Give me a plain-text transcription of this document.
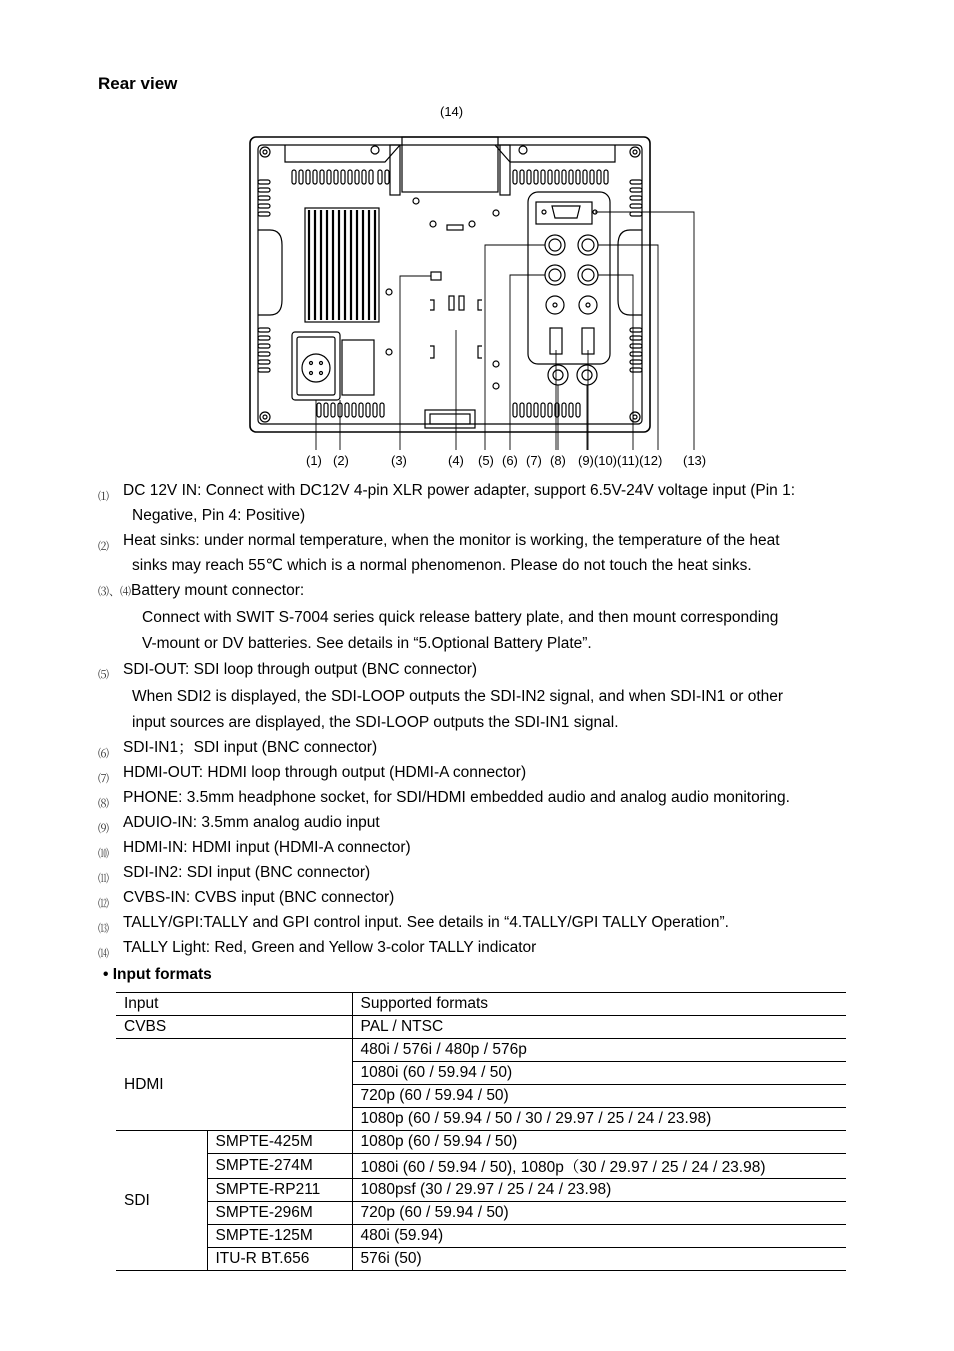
Rear view
(14)
(1) (2)	(3)	(4) (5) (6) (7) (8) (9)(10)(11)(12) (13)
⑴ DC 12V IN: Connect with DC12V 4-pin XLR power adapter, support 6.5V-24V voltage input (Pin 1:
Negative, Pin 4: Positive)
⑵ Heat sinks: under normal temperature, when the monitor is working, the temperature of the heat
sinks may reach 55℃ which is a normal phenomenon. Please do not touch the heat sinks.
⑶、⑷Battery mount connector:
Connect with SWIT S-7004 series quick release battery plate, and then mount corresponding
V-mount or DV batteries. See details in “5.Optional Battery Plate”.
⑸ SDI-OUT: SDI loop through output (BNC connector)
When SDI2 is displayed, the SDI-LOOP outputs the SDI-IN2 signal, and when SDI-IN1 or other
input sources are displayed, the SDI-LOOP outputs the SDI-IN1 signal.
⑹ SDI-IN1；SDI input (BNC connector)
⑺ HDMI-OUT: HDMI loop through output (HDMI-A connector)
⑻ PHONE: 3.5mm headphone socket, for SDI/HDMI embedded audio and analog audio monitoring.
⑼ ADUIO-IN: 3.5mm analog audio input
⑽ HDMI-IN: HDMI input (HDMI-A connector)
⑾ SDI-IN2: SDI input (BNC connector)
⑿ CVBS-IN: CVBS input (BNC connector)
⒀ TALLY/GPI:TALLY and GPI control input. See details in “4.TALLY/GPI TALLY Operation”.
⒁ TALLY Light: Red, Green and Yellow 3-color TALLY indicator
• Input formats
Input		Supported formats
CVBS		PAL / NTSC
HDMI		480i / 576i / 480p / 576p
		1080i (60 / 59.94 / 50)
		720p (60 / 59.94 / 50)
		1080p (60 / 59.94 / 50 / 30 / 29.97 / 25 / 24 / 23.98)
SDI	SMPTE-425M	1080p (60 / 59.94 / 50)
	SMPTE-274M	1080i (60 / 59.94 / 50), 1080p（30 / 29.97 / 25 / 24 / 23.98)
	SMPTE-RP211	1080psf (30 / 29.97 / 25 / 24 / 23.98)
	SMPTE-296M	720p (60 / 59.94 / 50)
	SMPTE-125M	480i (59.94)
	ITU-R BT.656	576i (50)
